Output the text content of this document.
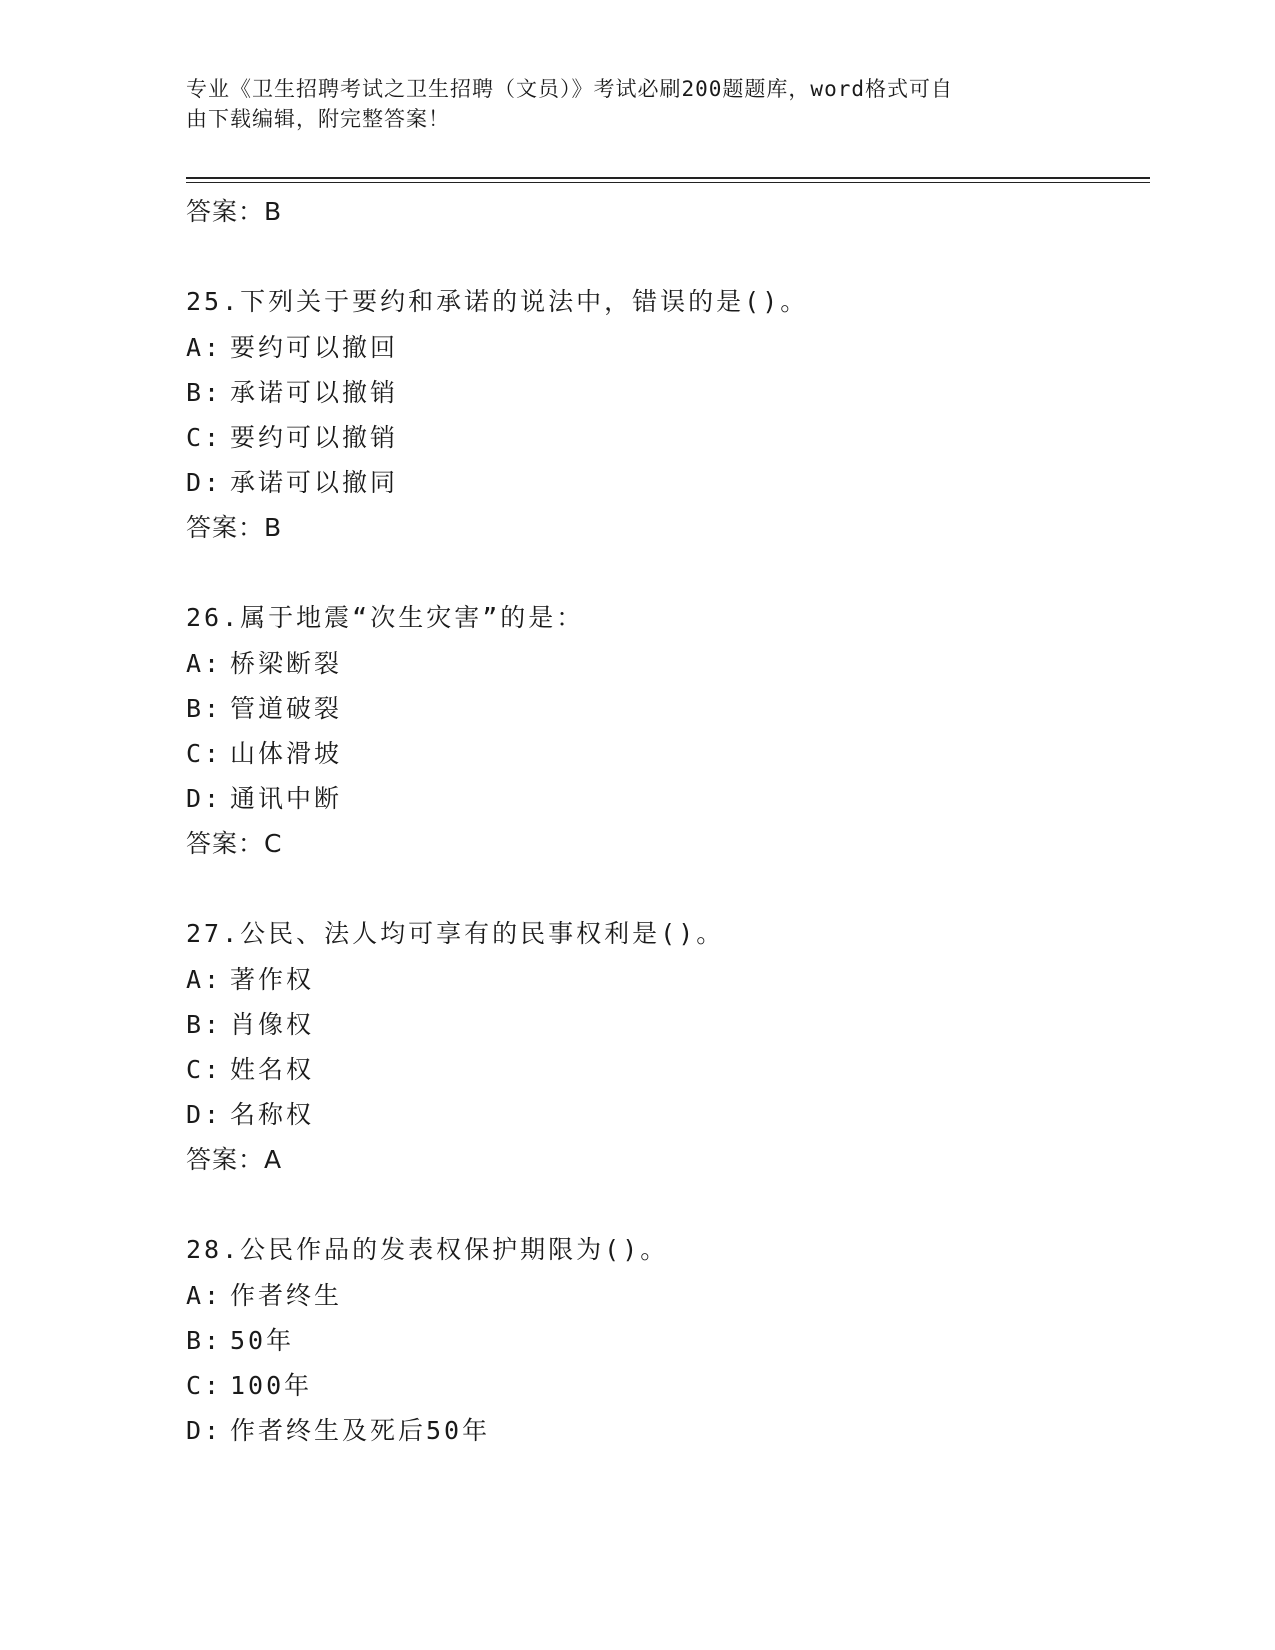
专业《卫生招聘考试之卫生招聘（文员）》考试必刷200题题库，word格式可自
由下载编辑，附完整答案！
答案：B
25.下列关于要约和承诺的说法中，错误的是()。
A: 要约可以撤回
B: 承诺可以撤销
C: 要约可以撤销
D: 承诺可以撤同
答案：B
26.属于地震“次生灾害”的是：
A: 桥梁断裂
B: 管道破裂
C: 山体滑坡
D: 通讯中断
答案：C
27.公民、法人均可享有的民事权利是()。
A: 著作权
B: 肖像权
C: 姓名权
D: 名称权
答案：A
28.公民作品的发表权保护期限为()。
A: 作者终生
B: 50年
C: 100年
D: 作者终生及死后50年
